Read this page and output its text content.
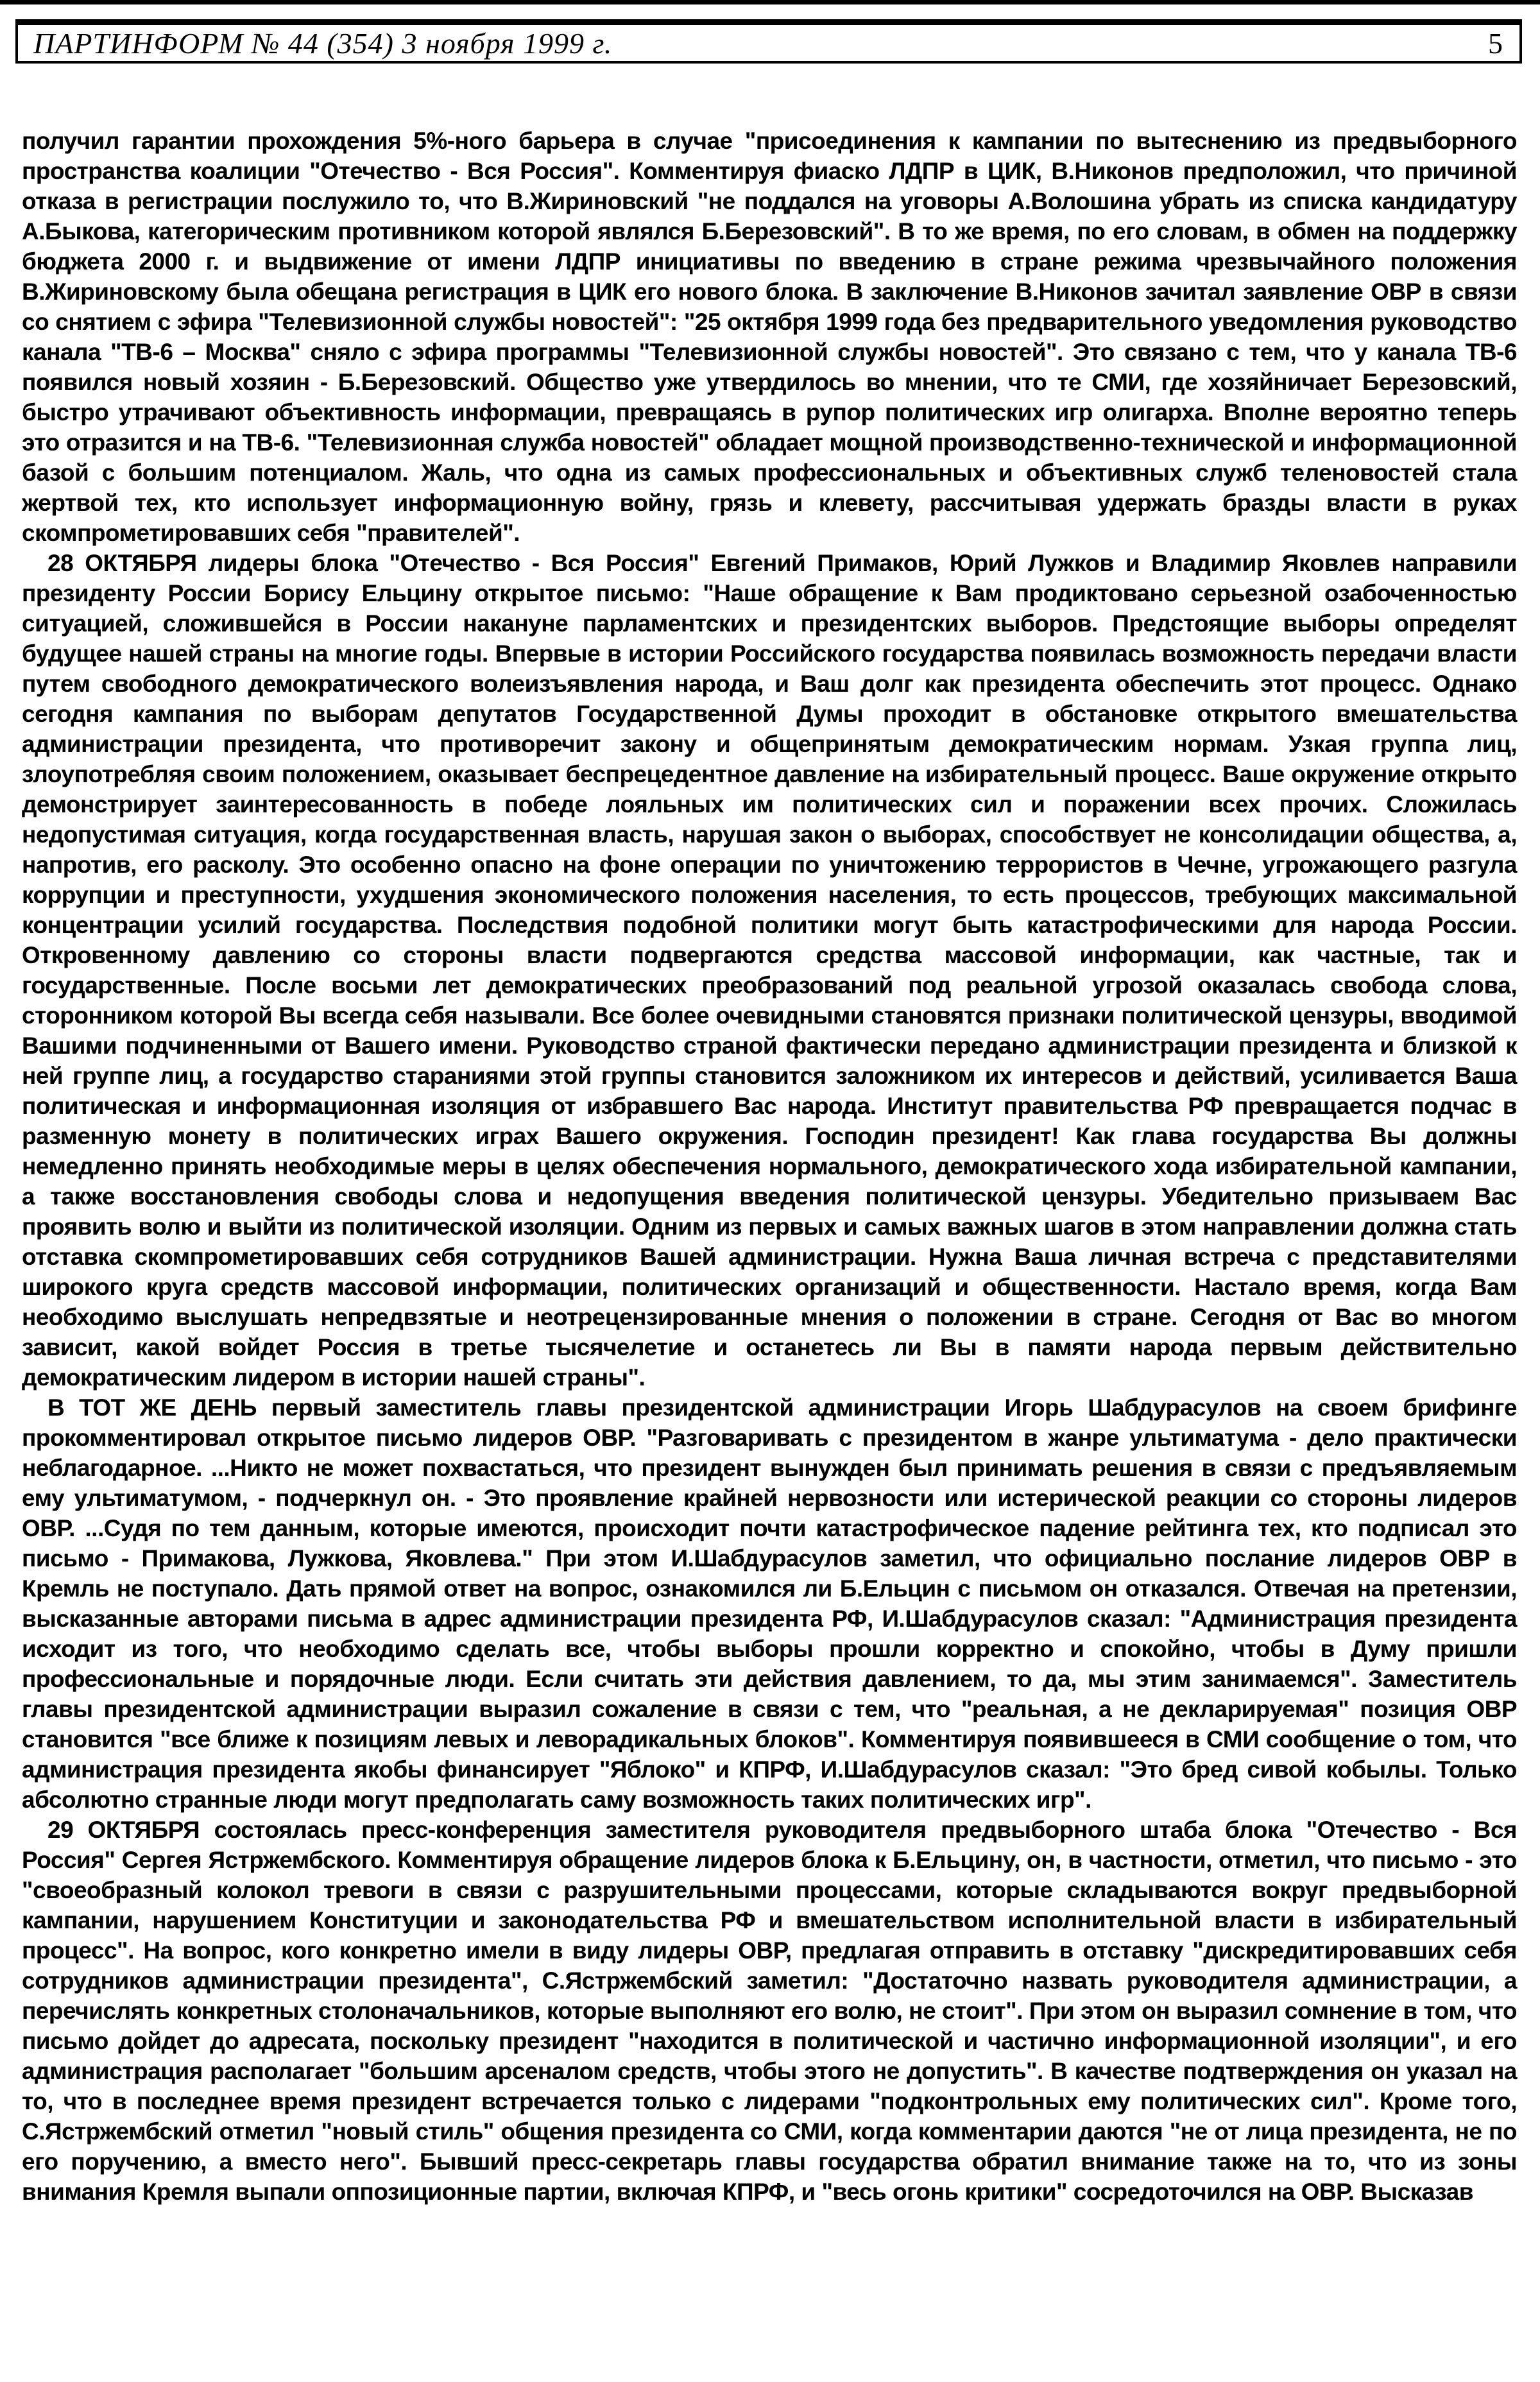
ПАРТИНФОРМ № 44 (354) 3 ноября 1999 г.	5

получил гарантии прохождения 5%-ного барьера в случае "присоединения к кампании по вытеснению из предвыборного пространства коалиции "Отечество - Вся Россия". Комментируя фиаско ЛДПР в ЦИК, В.Никонов предположил, что причиной отказа в регистрации послужило то, что В.Жириновский "не поддался на уговоры А.Волошина убрать из списка кандидатуру А.Быкова, категорическим противником которой являлся Б.Березовский". В то же время, по его словам, в обмен на поддержку бюджета 2000 г. и выдвижение от имени ЛДПР инициативы по введению в стране режима чрезвычайного положения В.Жириновскому была обещана регистрация в ЦИК его нового блока. В заключение В.Никонов зачитал заявление ОВР в связи со снятием с эфира "Телевизионной службы новостей": "25 октября 1999 года без предварительного уведомления руководство канала "ТВ-6 – Москва" сняло с эфира программы "Телевизионной службы новостей". Это связано с тем, что у канала ТВ-6 появился новый хозяин - Б.Березовский. Общество уже утвердилось во мнении, что те СМИ, где хозяйничает Березовский, быстро утрачивают объективность информации, превращаясь в рупор политических игр олигарха. Вполне вероятно теперь это отразится и на ТВ-6. "Телевизионная служба новостей" обладает мощной производственно-технической и информационной базой с большим потенциалом. Жаль, что одна из самых профессиональных и объективных служб теленовостей стала жертвой тех, кто использует информационную войну, грязь и клевету, рассчитывая удержать бразды власти в руках скомпрометировавших себя "правителей".

28 ОКТЯБРЯ лидеры блока "Отечество - Вся Россия" Евгений Примаков, Юрий Лужков и Владимир Яковлев направили президенту России Борису Ельцину открытое письмо: "Наше обращение к Вам продиктовано серьезной озабоченностью ситуацией, сложившейся в России накануне парламентских и президентских выборов. Предстоящие выборы определят будущее нашей страны на многие годы. Впервые в истории Российского государства появилась возможность передачи власти путем свободного демократического волеизъявления народа, и Ваш долг как президента обеспечить этот процесс. Однако сегодня кампания по выборам депутатов Государственной Думы проходит в обстановке открытого вмешательства администрации президента, что противоречит закону и общепринятым демократическим нормам. Узкая группа лиц, злоупотребляя своим положением, оказывает беспрецедентное давление на избирательный процесс. Ваше окружение открыто демонстрирует заинтересованность в победе лояльных им политических сил и поражении всех прочих. Сложилась недопустимая ситуация, когда государственная власть, нарушая закон о выборах, способствует не консолидации общества, а, напротив, его расколу. Это особенно опасно на фоне операции по уничтожению террористов в Чечне, угрожающего разгула коррупции и преступности, ухудшения экономического положения населения, то есть процессов, требующих максимальной концентрации усилий государства. Последствия подобной политики могут быть катастрофическими для народа России. Откровенному давлению со стороны власти подвергаются средства массовой информации, как частные, так и государственные. После восьми лет демократических преобразований под реальной угрозой оказалась свобода слова, сторонником которой Вы всегда себя называли. Все более очевидными становятся признаки политической цензуры, вводимой Вашими подчиненными от Вашего имени. Руководство страной фактически передано администрации президента и близкой к ней группе лиц, а государство стараниями этой группы становится заложником их интересов и действий, усиливается Ваша политическая и информационная изоляция от избравшего Вас народа. Институт правительства РФ превращается подчас в разменную монету в политических играх Вашего окружения. Господин президент! Как глава государства Вы должны немедленно принять необходимые меры в целях обеспечения нормального, демократического хода избирательной кампании, а также восстановления свободы слова и недопущения введения политической цензуры. Убедительно призываем Вас проявить волю и выйти из политической изоляции. Одним из первых и самых важных шагов в этом направлении должна стать отставка скомпрометировавших себя сотрудников Вашей администрации. Нужна Ваша личная встреча с представителями широкого круга средств массовой информации, политических организаций и общественности. Настало время, когда Вам необходимо выслушать непредвзятые и неотрецензированные мнения о положении в стране. Сегодня от Вас во многом зависит, какой войдет Россия в третье тысячелетие и останетесь ли Вы в памяти народа первым действительно демократическим лидером в истории нашей страны".

В ТОТ ЖЕ ДЕНЬ первый заместитель главы президентской администрации Игорь Шабдурасулов на своем брифинге прокомментировал открытое письмо лидеров ОВР. "Разговаривать с президентом в жанре ультиматума - дело практически неблагодарное. ...Никто не может похвастаться, что президент вынужден был принимать решения в связи с предъявляемым ему ультиматумом, - подчеркнул он. - Это проявление крайней нервозности или истерической реакции со стороны лидеров ОВР. ...Судя по тем данным, которые имеются, происходит почти катастрофическое падение рейтинга тех, кто подписал это письмо - Примакова, Лужкова, Яковлева." При этом И.Шабдурасулов заметил, что официально послание лидеров ОВР в Кремль не поступало. Дать прямой ответ на вопрос, ознакомился ли Б.Ельцин с письмом он отказался. Отвечая на претензии, высказанные авторами письма в адрес администрации президента РФ, И.Шабдурасулов сказал: "Администрация президента исходит из того, что необходимо сделать все, чтобы выборы прошли корректно и спокойно, чтобы в Думу пришли профессиональные и порядочные люди. Если считать эти действия давлением, то да, мы этим занимаемся". Заместитель главы президентской администрации выразил сожаление в связи с тем, что "реальная, а не декларируемая" позиция ОВР становится "все ближе к позициям левых и леворадикальных блоков". Комментируя появившееся в СМИ сообщение о том, что администрация президента якобы финансирует "Яблоко" и КПРФ, И.Шабдурасулов сказал: "Это бред сивой кобылы. Только абсолютно странные люди могут предполагать саму возможность таких политических игр".

29 ОКТЯБРЯ состоялась пресс-конференция заместителя руководителя предвыборного штаба блока "Отечество - Вся Россия" Сергея Ястржембского. Комментируя обращение лидеров блока к Б.Ельцину, он, в частности, отметил, что письмо - это "своеобразный колокол тревоги в связи с разрушительными процессами, которые складываются вокруг предвыборной кампании, нарушением Конституции и законодательства РФ и вмешательством исполнительной власти в избирательный процесс". На вопрос, кого конкретно имели в виду лидеры ОВР, предлагая отправить в отставку "дискредитировавших себя сотрудников администрации президента", С.Ястржембский заметил: "Достаточно назвать руководителя администрации, а перечислять конкретных столоначальников, которые выполняют его волю, не стоит". При этом он выразил сомнение в том, что письмо дойдет до адресата, поскольку президент "находится в политической и частично информационной изоляции", и его администрация располагает "большим арсеналом средств, чтобы этого не допустить". В качестве подтверждения он указал на то, что в последнее время президент встречается только с лидерами "подконтрольных ему политических сил". Кроме того, С.Ястржембский отметил "новый стиль" общения президента со СМИ, когда комментарии даются "не от лица президента, не по его поручению, а вместо него". Бывший пресс-секретарь главы государства обратил внимание также на то, что из зоны внимания Кремля выпали оппозиционные партии, включая КПРФ, и "весь огонь критики" сосредоточился на ОВР. Высказав
